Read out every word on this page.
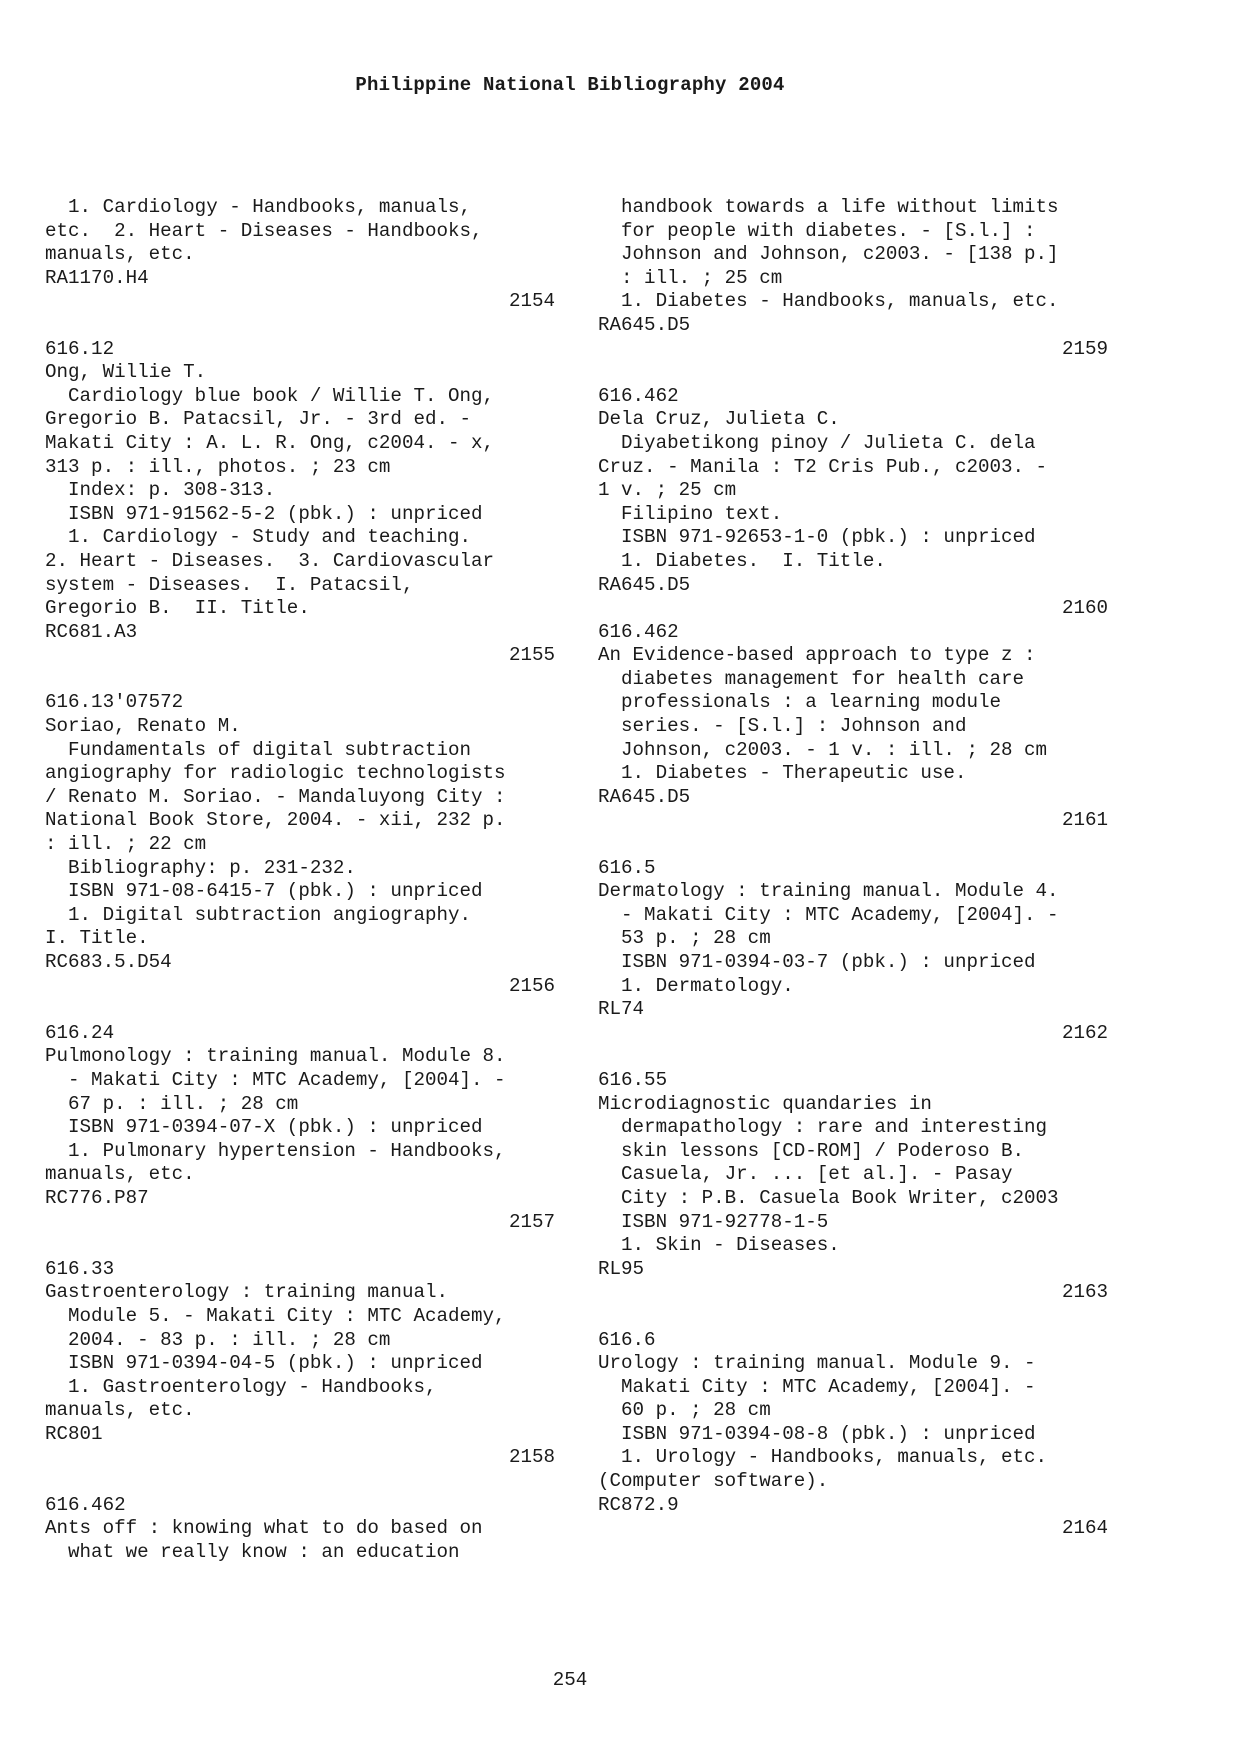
Philippine National Bibliography 2004
1. Cardiology - Handbooks, manuals,
etc.  2. Heart - Diseases - Handbooks,
manuals, etc.
RA1170.H4
2154
616.12
Ong, Willie T.
Cardiology blue book / Willie T. Ong,
Gregorio B. Patacsil, Jr. - 3rd ed. -
Makati City : A. L. R. Ong, c2004. - x,
313 p. : ill., photos. ; 23 cm
Index: p. 308-313.
ISBN 971-91562-5-2 (pbk.) : unpriced
1. Cardiology - Study and teaching.
2. Heart - Diseases.  3. Cardiovascular
system - Diseases.  I. Patacsil,
Gregorio B.  II. Title.
RC681.A3
2155
616.13'07572
Soriao, Renato M.
Fundamentals of digital subtraction
angiography for radiologic technologists
/ Renato M. Soriao. - Mandaluyong City :
National Book Store, 2004. - xii, 232 p.
: ill. ; 22 cm
Bibliography: p. 231-232.
ISBN 971-08-6415-7 (pbk.) : unpriced
1. Digital subtraction angiography.
I. Title.
RC683.5.D54
2156
616.24
Pulmonology : training manual. Module 8.
- Makati City : MTC Academy, [2004]. -
67 p. : ill. ; 28 cm
ISBN 971-0394-07-X (pbk.) : unpriced
1. Pulmonary hypertension - Handbooks,
manuals, etc.
RC776.P87
2157
616.33
Gastroenterology : training manual.
Module 5. - Makati City : MTC Academy,
2004. - 83 p. : ill. ; 28 cm
ISBN 971-0394-04-5 (pbk.) : unpriced
1. Gastroenterology - Handbooks,
manuals, etc.
RC801
2158
616.462
Ants off : knowing what to do based on
what we really know : an education
handbook towards a life without limits
for people with diabetes. - [S.l.] :
Johnson and Johnson, c2003. - [138 p.]
: ill. ; 25 cm
1. Diabetes - Handbooks, manuals, etc.
RA645.D5
2159
616.462
Dela Cruz, Julieta C.
Diyabetikong pinoy / Julieta C. dela
Cruz. - Manila : T2 Cris Pub., c2003. -
1 v. ; 25 cm
Filipino text.
ISBN 971-92653-1-0 (pbk.) : unpriced
1. Diabetes.  I. Title.
RA645.D5
2160
616.462
An Evidence-based approach to type z :
diabetes management for health care
professionals : a learning module
series. - [S.l.] : Johnson and
Johnson, c2003. - 1 v. : ill. ; 28 cm
1. Diabetes - Therapeutic use.
RA645.D5
2161
616.5
Dermatology : training manual. Module 4.
- Makati City : MTC Academy, [2004]. -
53 p. ; 28 cm
ISBN 971-0394-03-7 (pbk.) : unpriced
1. Dermatology.
RL74
2162
616.55
Microdiagnostic quandaries in
dermapathology : rare and interesting
skin lessons [CD-ROM] / Poderoso B.
Casuela, Jr. ... [et al.]. - Pasay
City : P.B. Casuela Book Writer, c2003
ISBN 971-92778-1-5
1. Skin - Diseases.
RL95
2163
616.6
Urology : training manual. Module 9. -
Makati City : MTC Academy, [2004]. -
60 p. ; 28 cm
ISBN 971-0394-08-8 (pbk.) : unpriced
1. Urology - Handbooks, manuals, etc.
(Computer software).
RC872.9
2164
254
